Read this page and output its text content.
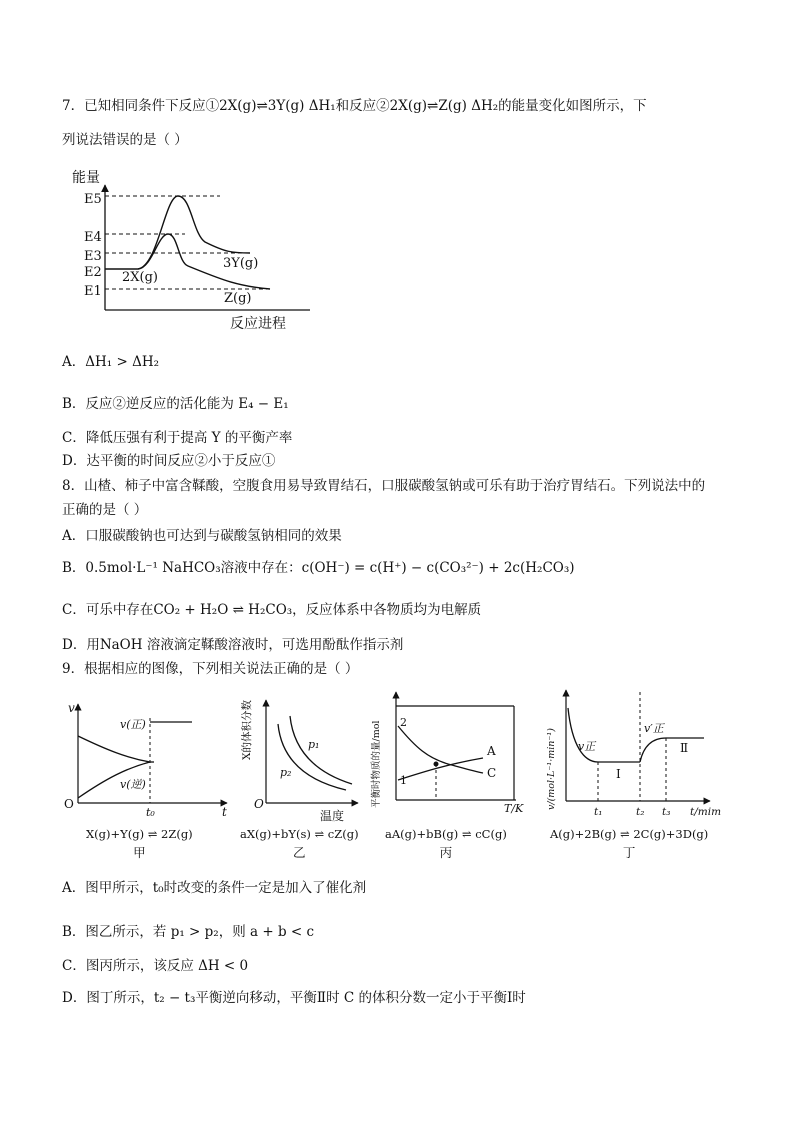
7．已知相同条件下反应①2X(g)⇌3Y(g) ΔH₁和反应②2X(g)⇌Z(g) ΔH₂的能量变化如图所示，下
列说法错误的是（ ）
能量
E5
E4
E3
E2
E1
2X(g)
3Y(g)
Z(g)
反应进程
A．ΔH₁ > ΔH₂
B．反应②逆反应的活化能为 E₄ − E₁
C．降低压强有利于提高 Y 的平衡产率
D．达平衡的时间反应②小于反应①
8．山楂、柿子中富含鞣酸，空腹食用易导致胃结石，口服碳酸氢钠或可乐有助于治疗胃结石。下列说法中的
正确的是（ ）
A．口服碳酸钠也可达到与碳酸氢钠相同的效果
B．0.5mol·L⁻¹ NaHCO₃溶液中存在：c(OH⁻) = c(H⁺) − c(CO₃²⁻) + 2c(H₂CO₃)
C．可乐中存在CO₂ + H₂O ⇌ H₂CO₃，反应体系中各物质均为电解质
D．用NaOH 溶液滴定鞣酸溶液时，可选用酚酞作指示剂
9．根据相应的图像，下列相关说法正确的是（ ）
v
O
t
t₀
v(正)
v(逆)
X(g)+Y(g) ⇌ 2Z(g)
甲
X的体积分数
O
温度
p₁
p₂
aX(g)+bY(s) ⇌ cZ(g)
乙
平衡时物质的量/mol 2
1
A
C
T/K
aA(g)+bB(g) ⇌ cC(g)
丙
v/(mol·L⁻¹·min⁻¹) v正
v′正
Ⅰ
Ⅱ
t₁	t₂ t₃ t/mim
A(g)+2B(g) ⇌ 2C(g)+3D(g)
丁
A．图甲所示，t₀时改变的条件一定是加入了催化剂
B．图乙所示，若 p₁ > p₂，则 a + b < c
C．图丙所示，该反应 ΔH < 0
D．图丁所示，t₂ − t₃平衡逆向移动，平衡Ⅱ时 C 的体积分数一定小于平衡Ⅰ时
